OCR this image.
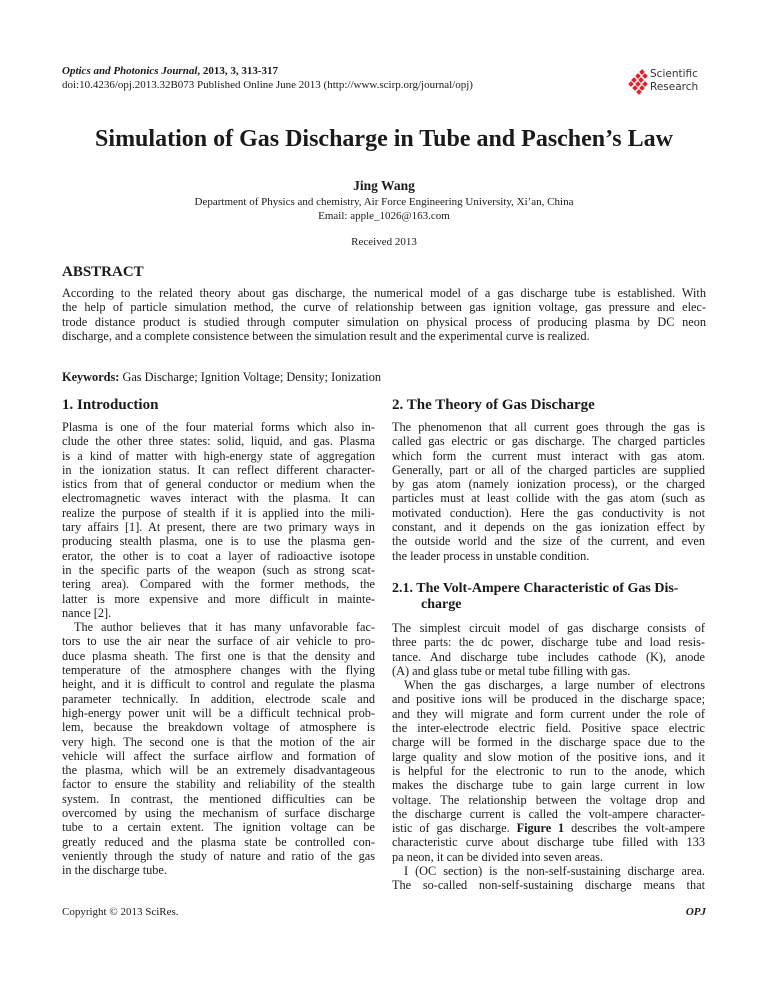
Optics and Photonics Journal, 2013, 3, 313-317
doi:10.4236/opj.2013.32B073 Published Online June 2013 (http://www.scirp.org/journal/opj)
Scientific
Research
Simulation of Gas Discharge in Tube and Paschen’s Law
Jing Wang
Department of Physics and chemistry, Air Force Engineering University, Xi’an, China
Email: apple_1026@163.com
Received 2013
ABSTRACT
According to the related theory about gas discharge, the numerical model of a gas discharge tube is established. With
the help of particle simulation method, the curve of relationship between gas ignition voltage, gas pressure and elec-
trode distance product is studied through computer simulation on physical process of producing plasma by DC neon
discharge, and a complete consistence between the simulation result and the experimental curve is realized.
Keywords: Gas Discharge; Ignition Voltage; Density; Ionization
1. Introduction
Plasma is one of the four material forms which also in-
clude the other three states: solid, liquid, and gas. Plasma
is a kind of matter with high-energy state of aggregation
in the ionization status. It can reflect different character-
istics from that of general conductor or medium when the
electromagnetic waves interact with the plasma. It can
realize the purpose of stealth if it is applied into the mili-
tary affairs [1]. At present, there are two primary ways in
producing stealth plasma, one is to use the plasma gen-
erator, the other is to coat a layer of radioactive isotope
in the specific parts of the weapon (such as strong scat-
tering area). Compared with the former methods, the
latter is more expensive and more difficult in mainte-
nance [2].
The author believes that it has many unfavorable fac-
tors to use the air near the surface of air vehicle to pro-
duce plasma sheath. The first one is that the density and
temperature of the atmosphere changes with the flying
height, and it is difficult to control and regulate the plasma
parameter technically. In addition, electrode scale and
high-energy power unit will be a difficult technical prob-
lem, because the breakdown voltage of atmosphere is
very high. The second one is that the motion of the air
vehicle will affect the surface airflow and formation of
the plasma, which will be an extremely disadvantageous
factor to ensure the stability and reliability of the stealth
system. In contrast, the mentioned difficulties can be
overcomed by using the mechanism of surface discharge
tube to a certain extent. The ignition voltage can be
greatly reduced and the plasma state be controlled con-
veniently through the study of nature and ratio of the gas
in the discharge tube.
2. The Theory of Gas Discharge
The phenomenon that all current goes through the gas is
called gas electric or gas discharge. The charged particles
which form the current must interact with gas atom.
Generally, part or all of the charged particles are supplied
by gas atom (namely ionization process), or the charged
particles must at least collide with the gas atom (such as
motivated conduction). Here the gas conductivity is not
constant, and it depends on the gas ionization effect by
the outside world and the size of the current, and even
the leader process in unstable condition.
2.1. The Volt-Ampere Characteristic of Gas Dis-
charge
The simplest circuit model of gas discharge consists of
three parts: the dc power, discharge tube and load resis-
tance. And discharge tube includes cathode (K), anode
(A) and glass tube or metal tube filling with gas.
When the gas discharges, a large number of electrons
and positive ions will be produced in the discharge space;
and they will migrate and form current under the role of
the inter-electrode electric field. Positive space electric
charge will be formed in the discharge space due to the
large quality and slow motion of the positive ions, and it
is helpful for the electronic to run to the anode, which
makes the discharge tube to gain large current in low
voltage. The relationship between the voltage drop and
the discharge current is called the volt-ampere character-
istic of gas discharge. Figure 1 describes the volt-ampere
characteristic curve about discharge tube filled with 133
pa neon, it can be divided into seven areas.
I (OC section) is the non-self-sustaining discharge area.
The so-called non-self-sustaining discharge means that
Copyright © 2013 SciRes.	OPJ
